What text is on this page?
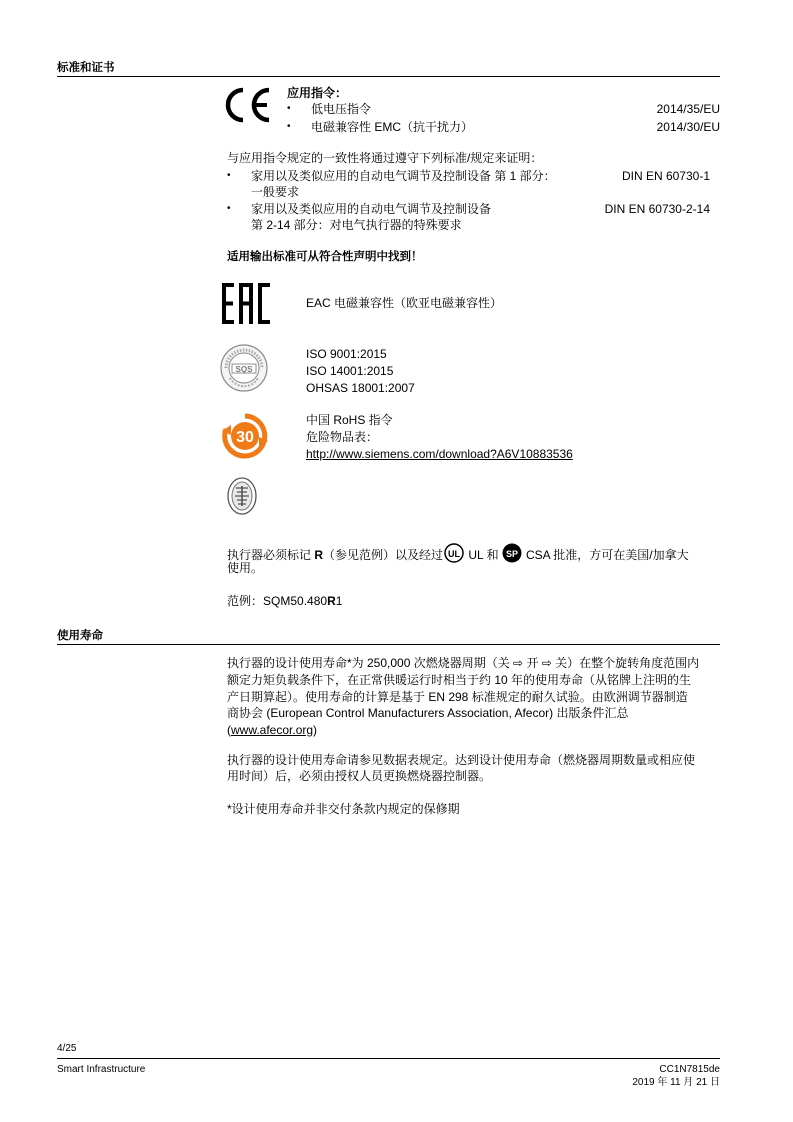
标准和证书
应用指令：
• 低电压指令	2014/35/EU
• 电磁兼容性 EMC（抗干扰力）	2014/30/EU
与应用指令规定的一致性将通过遵守下列标准/规定来证明：
• 家用以及类似应用的自动电气调节及控制设备 第 1 部分：
一般要求
DIN EN 60730-1
• 家用以及类似应用的自动电气调节及控制设备
第 2-14 部分：对电气执行器的特殊要求
DIN EN 60730-2-14
适用输出标准可从符合性声明中找到！
EAC 电磁兼容性（欧亚电磁兼容性）
SQS
ISO 9001:2015
ISO 14001:2015
OHSAS 18001:2007
30
中国 RoHS 指令
危险物品表：
http://www.siemens.com/download?A6V10883536
执行器必须标记 R（参见范例）以及经过 UL UL 和 SP CSA 批准，方可在美国/加拿大
使用。
范例：SQM50.480R1
使用寿命
执行器的设计使用寿命*为 250,000 次燃烧器周期（关 ⇨ 开 ⇨ 关）在整个旋转角度范围内
额定力矩负载条件下，在正常供暖运行时相当于约 10 年的使用寿命（从铭牌上注明的生
产日期算起）。使用寿命的计算是基于 EN 298 标准规定的耐久试验。由欧洲调节器制造
商协会 (European Control Manufacturers Association, Afecor) 出版条件汇总
(www.afecor.org)
执行器的设计使用寿命请参见数据表规定。达到设计使用寿命（燃烧器周期数量或相应使
用时间）后，必须由授权人员更换燃烧器控制器。
*设计使用寿命并非交付条款内规定的保修期
4/25
Smart Infrastructure	CC1N7815de
2019 年 11 月 21 日
